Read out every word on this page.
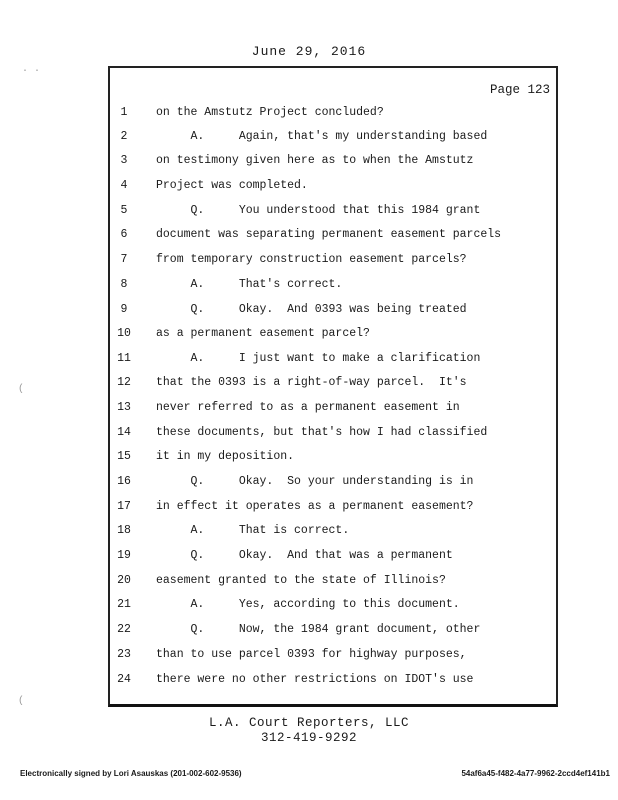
June 29, 2016
Page 123
1	on the Amstutz Project concluded?
2	A.     Again, that's my understanding based
3	on testimony given here as to when the Amstutz
4	Project was completed.
5	Q.     You understood that this 1984 grant
6	document was separating permanent easement parcels
7	from temporary construction easement parcels?
8	A.     That's correct.
9	Q.     Okay.  And 0393 was being treated
10	as a permanent easement parcel?
11	A.     I just want to make a clarification
12	that the 0393 is a right-of-way parcel.  It's
13	never referred to as a permanent easement in
14	these documents, but that's how I had classified
15	it in my deposition.
16	Q.     Okay.  So your understanding is in
17	in effect it operates as a permanent easement?
18	A.     That is correct.
19	Q.     Okay.  And that was a permanent
20	easement granted to the state of Illinois?
21	A.     Yes, according to this document.
22	Q.     Now, the 1984 grant document, other
23	than to use parcel 0393 for highway purposes,
24	there were no other restrictions on IDOT's use
L.A. Court Reporters, LLC
312-419-9292
Electronically signed by Lori Asauskas (201-002-602-9536)	54af6a45-f482-4a77-9962-2ccd4ef141b1
· ·
(
(
